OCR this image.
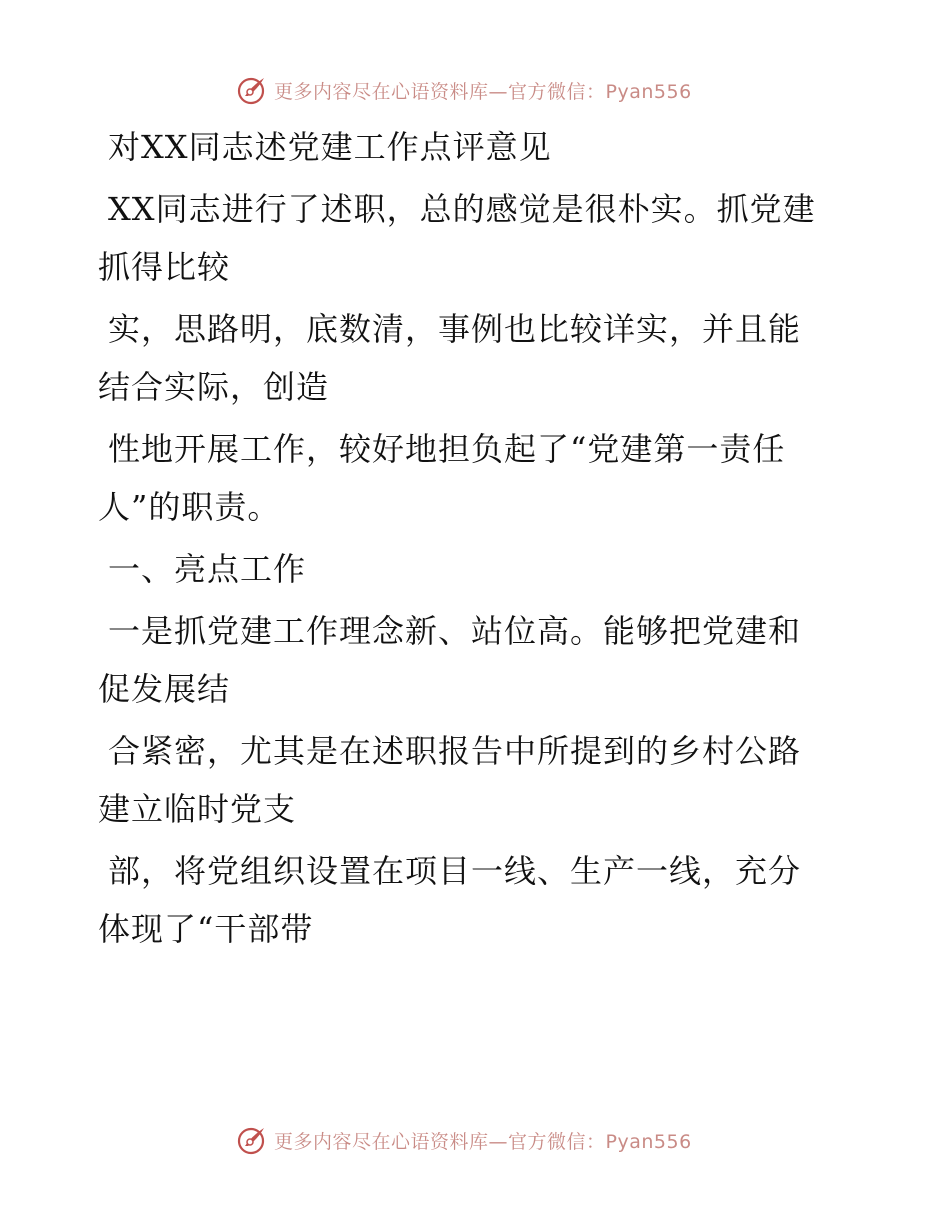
更多内容尽在心语资料库—官方微信：Pyan556

对XX同志述党建工作点评意见

XX同志进行了述职，总的感觉是很朴实。抓党建
抓得比较

实，思路明，底数清，事例也比较详实，并且能
结合实际，创造

性地开展工作，较好地担负起了“党建第一责任
人”的职责。

一、亮点工作

一是抓党建工作理念新、站位高。能够把党建和
促发展结

合紧密，尤其是在述职报告中所提到的乡村公路
建立临时党支

部，将党组织设置在项目一线、生产一线，充分
体现了“干部带

更多内容尽在心语资料库—官方微信：Pyan556
